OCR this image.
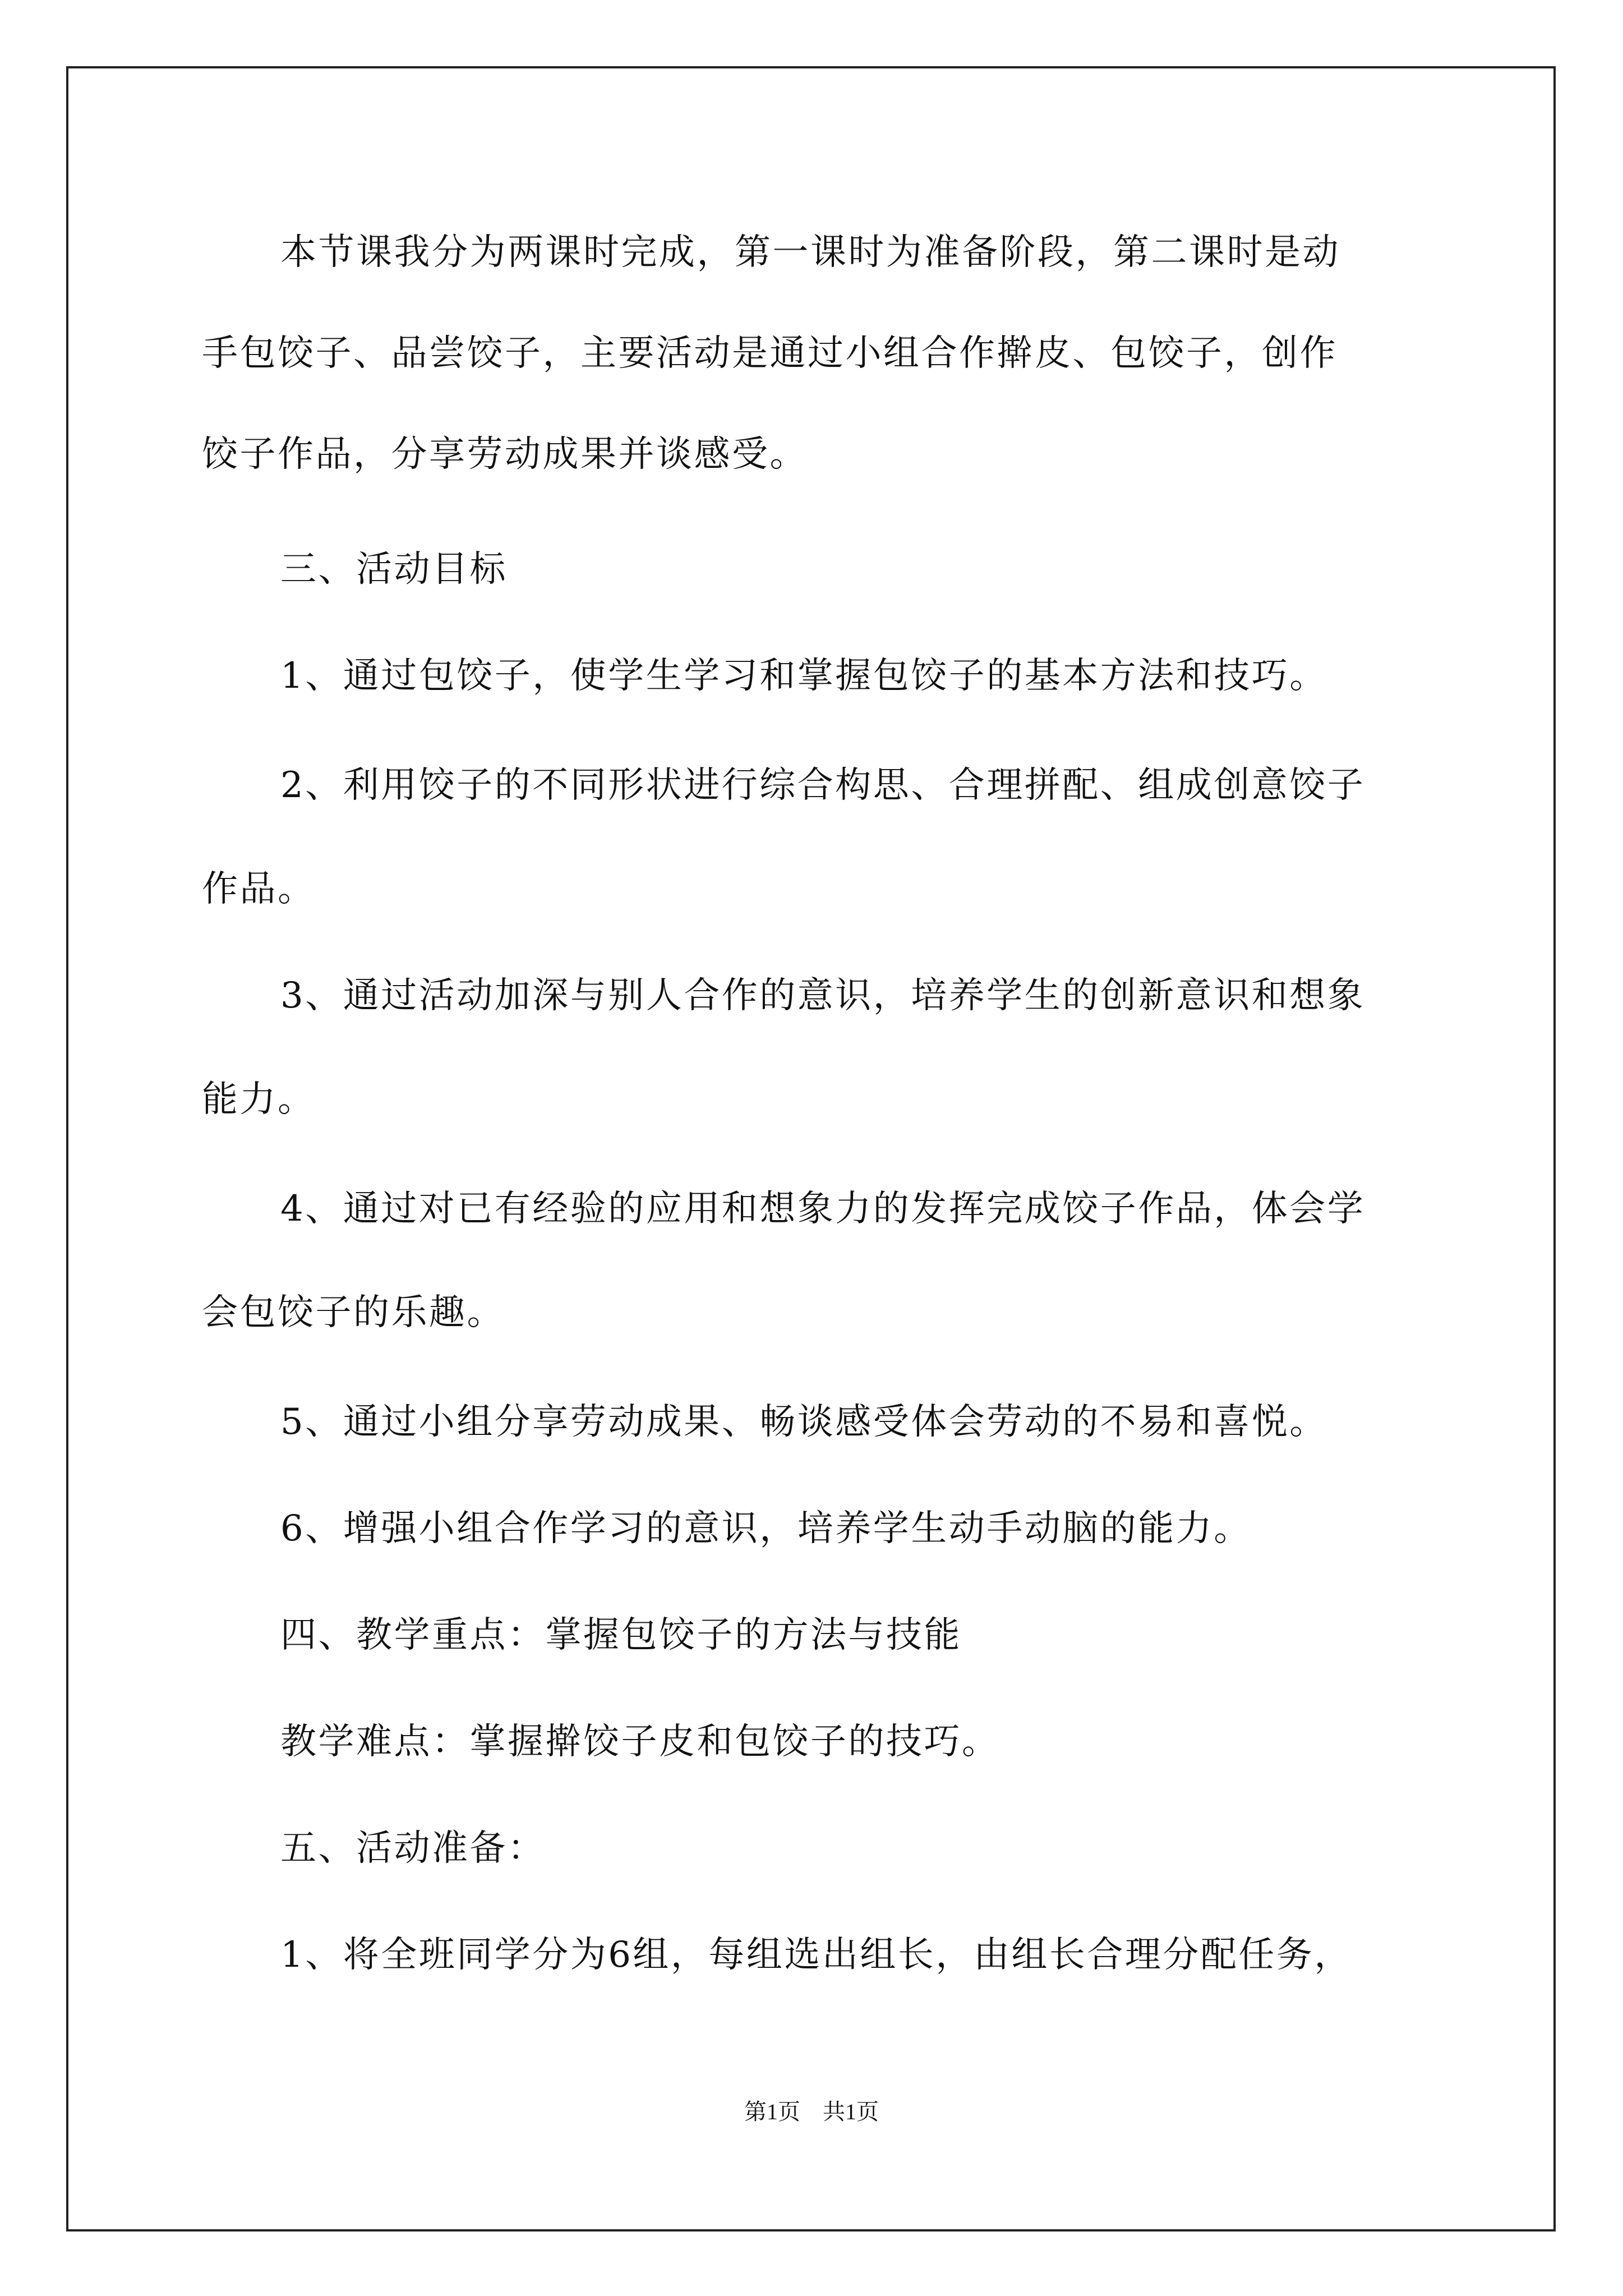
本节课我分为两课时完成，第一课时为准备阶段，第二课时是动
手包饺子、品尝饺子，主要活动是通过小组合作擀皮、包饺子，创作
饺子作品，分享劳动成果并谈感受。
三、活动目标
1、通过包饺子，使学生学习和掌握包饺子的基本方法和技巧。
2、利用饺子的不同形状进行综合构思、合理拼配、组成创意饺子
作品。
3、通过活动加深与别人合作的意识，培养学生的创新意识和想象
能力。
4、通过对已有经验的应用和想象力的发挥完成饺子作品，体会学
会包饺子的乐趣。
5、通过小组分享劳动成果、畅谈感受体会劳动的不易和喜悦。
6、增强小组合作学习的意识，培养学生动手动脑的能力。
四、教学重点：掌握包饺子的方法与技能
教学难点：掌握擀饺子皮和包饺子的技巧。
五、活动准备：
1、将全班同学分为6组，每组选出组长，由组长合理分配任务，
第1页　共1页
